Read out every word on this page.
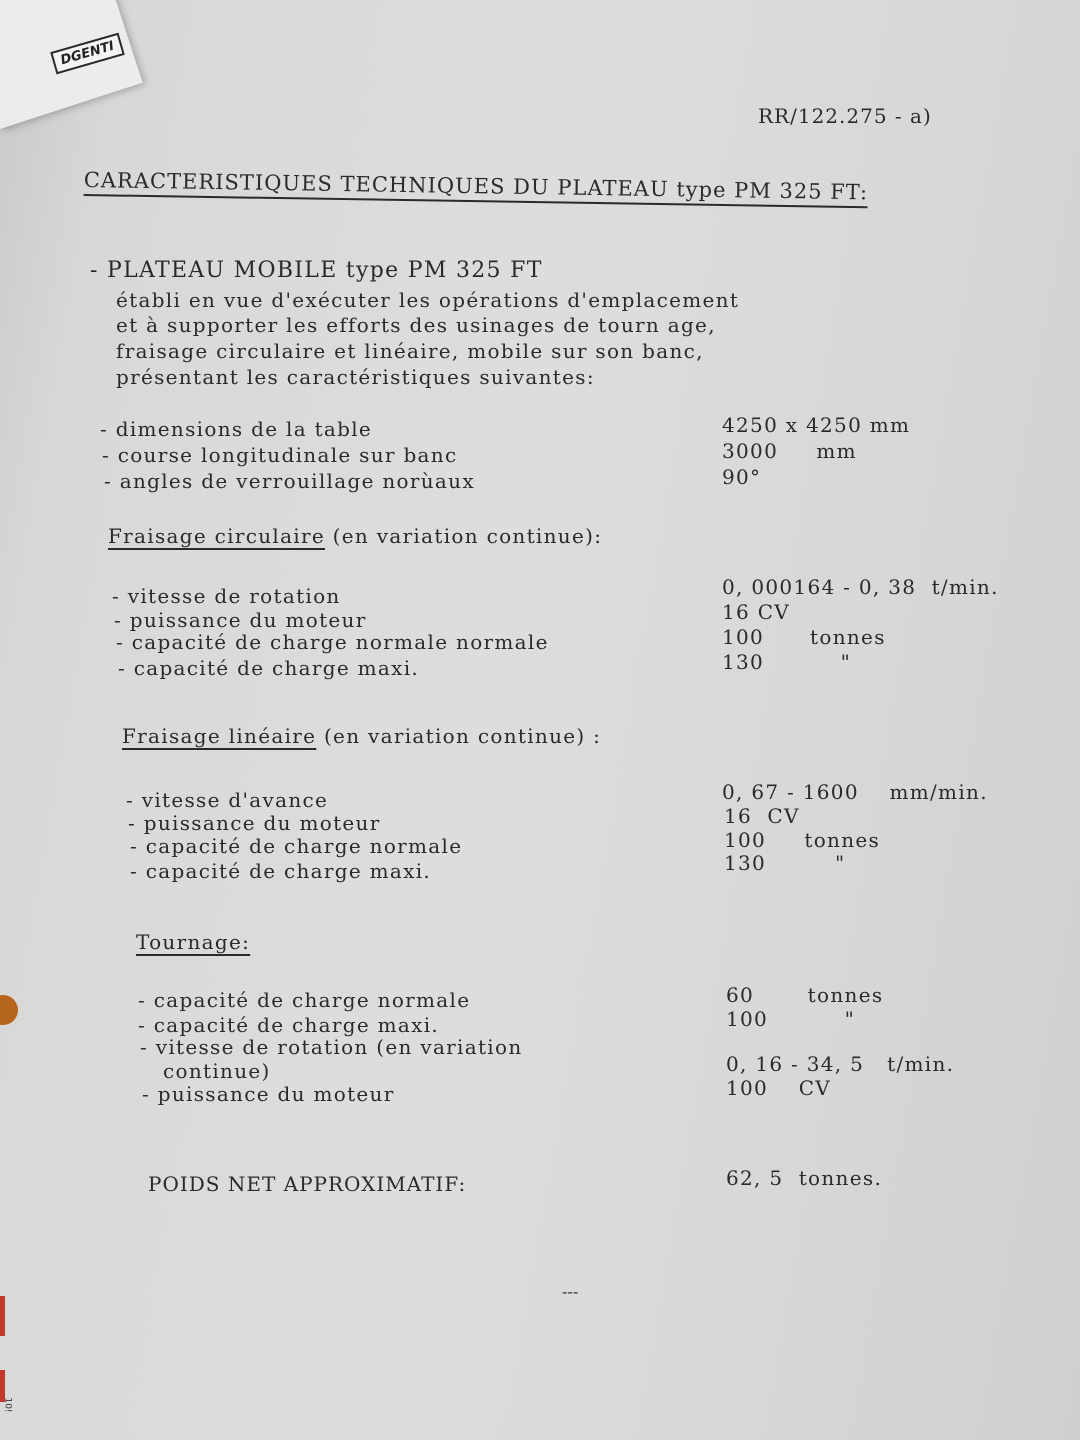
DGENTI
10!
RR/122.275 - a)
CARACTERISTIQUES TECHNIQUES DU PLATEAU type PM 325 FT:
- PLATEAU MOBILE type PM 325 FT
établi en vue d'exécuter les opérations d'emplacement
et à supporter les efforts des usinages de tourn age,
fraisage circulaire et linéaire, mobile sur son banc,
présentant les caractéristiques suivantes:
- dimensions de la table	4250 x 4250 mm
- course longitudinale sur banc	3000     mm
- angles de verrouillage norùaux	90°
Fraisage circulaire (en variation continue):
- vitesse de rotation	0, 000164 - 0, 38  t/min.
- puissance du moteur	16 CV
- capacité de charge normale normale	100      tonnes
- capacité de charge maxi.	130          "
Fraisage linéaire (en variation continue) :
- vitesse d'avance	0, 67 - 1600    mm/min.
- puissance du moteur	16  CV
- capacité de charge normale	100     tonnes
- capacité de charge maxi.	130         "
Tournage:
- capacité de charge normale	60       tonnes
- capacité de charge maxi.	100          "
- vitesse de rotation (en variation
continue)	0, 16 - 34, 5   t/min.
- puissance du moteur	100    CV
POIDS NET APPROXIMATIF:	62, 5  tonnes.
---
